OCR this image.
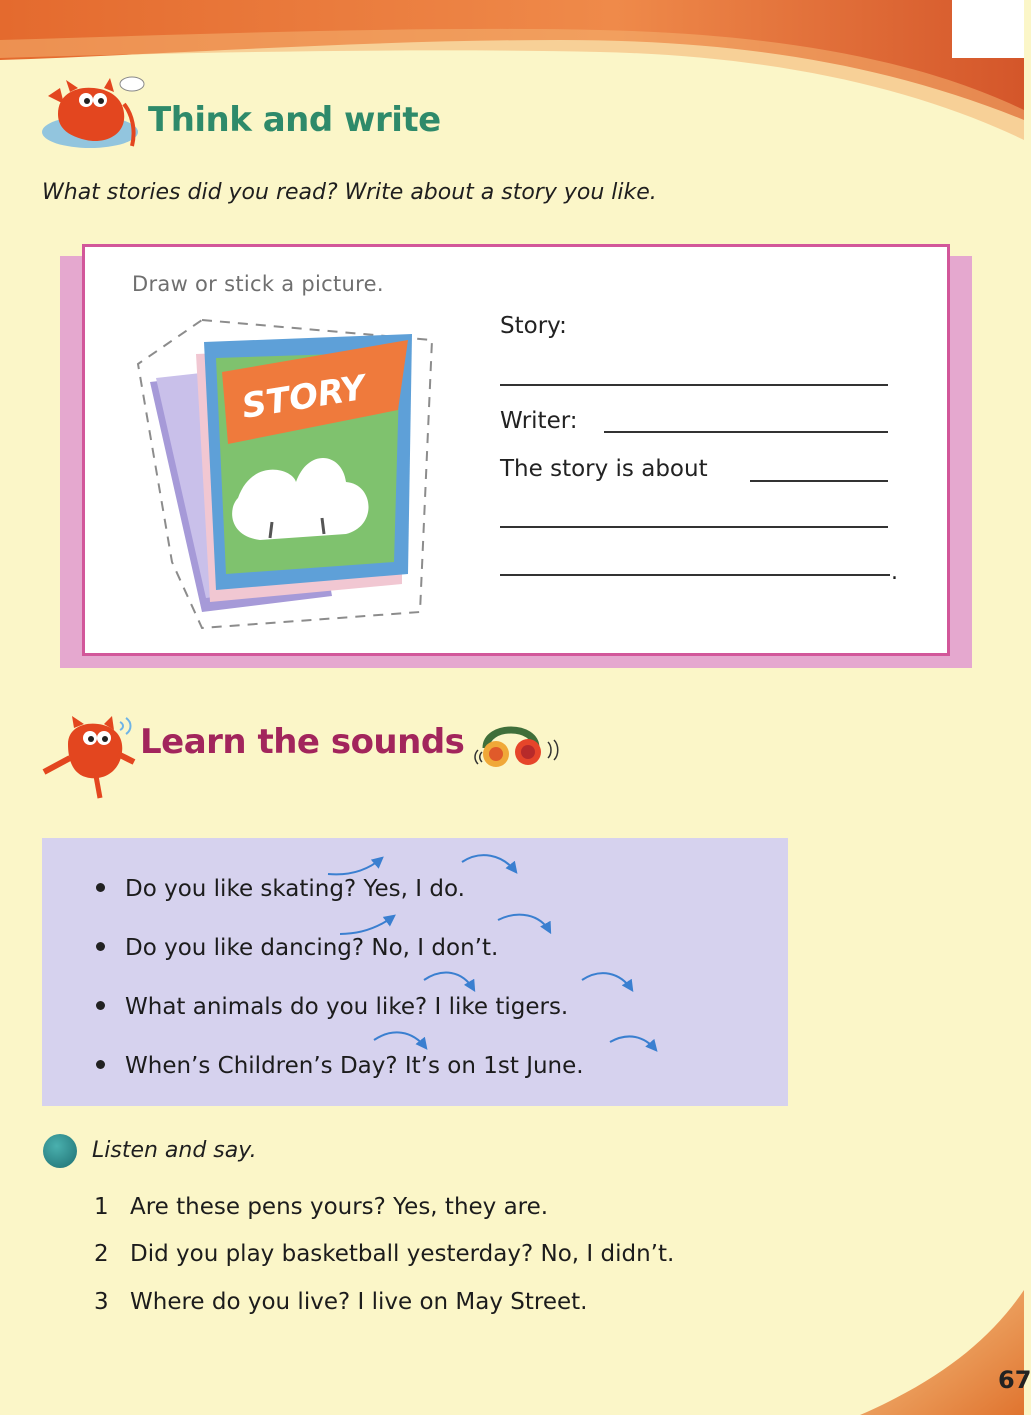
Think and write
What stories did you read? Write about a story you like.
Draw or stick a picture.
STORY
Story:
Writer:
The story is about
.
Learn the sounds
Do you like skating? Yes, I do.
Do you like dancing? No, I don’t.
What animals do you like? I like tigers.
When’s Children’s Day? It’s on 1st June.
Listen and say.
1 Are these pens yours? Yes, they are.
2 Did you play basketball yesterday? No, I didn’t.
3 Where do you live? I live on May Street.
67
